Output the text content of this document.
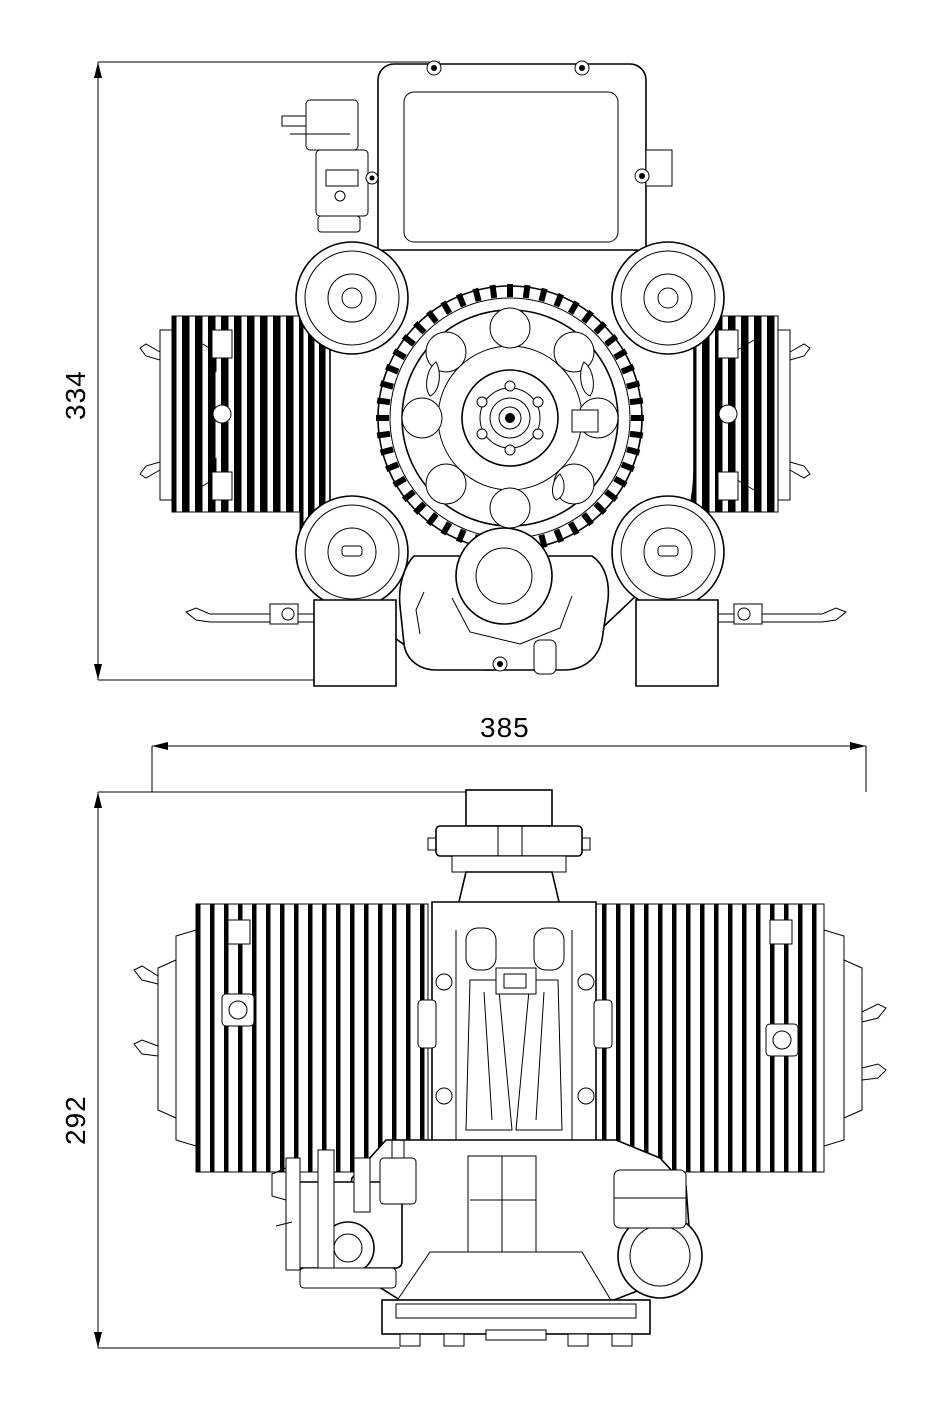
334
385
292
